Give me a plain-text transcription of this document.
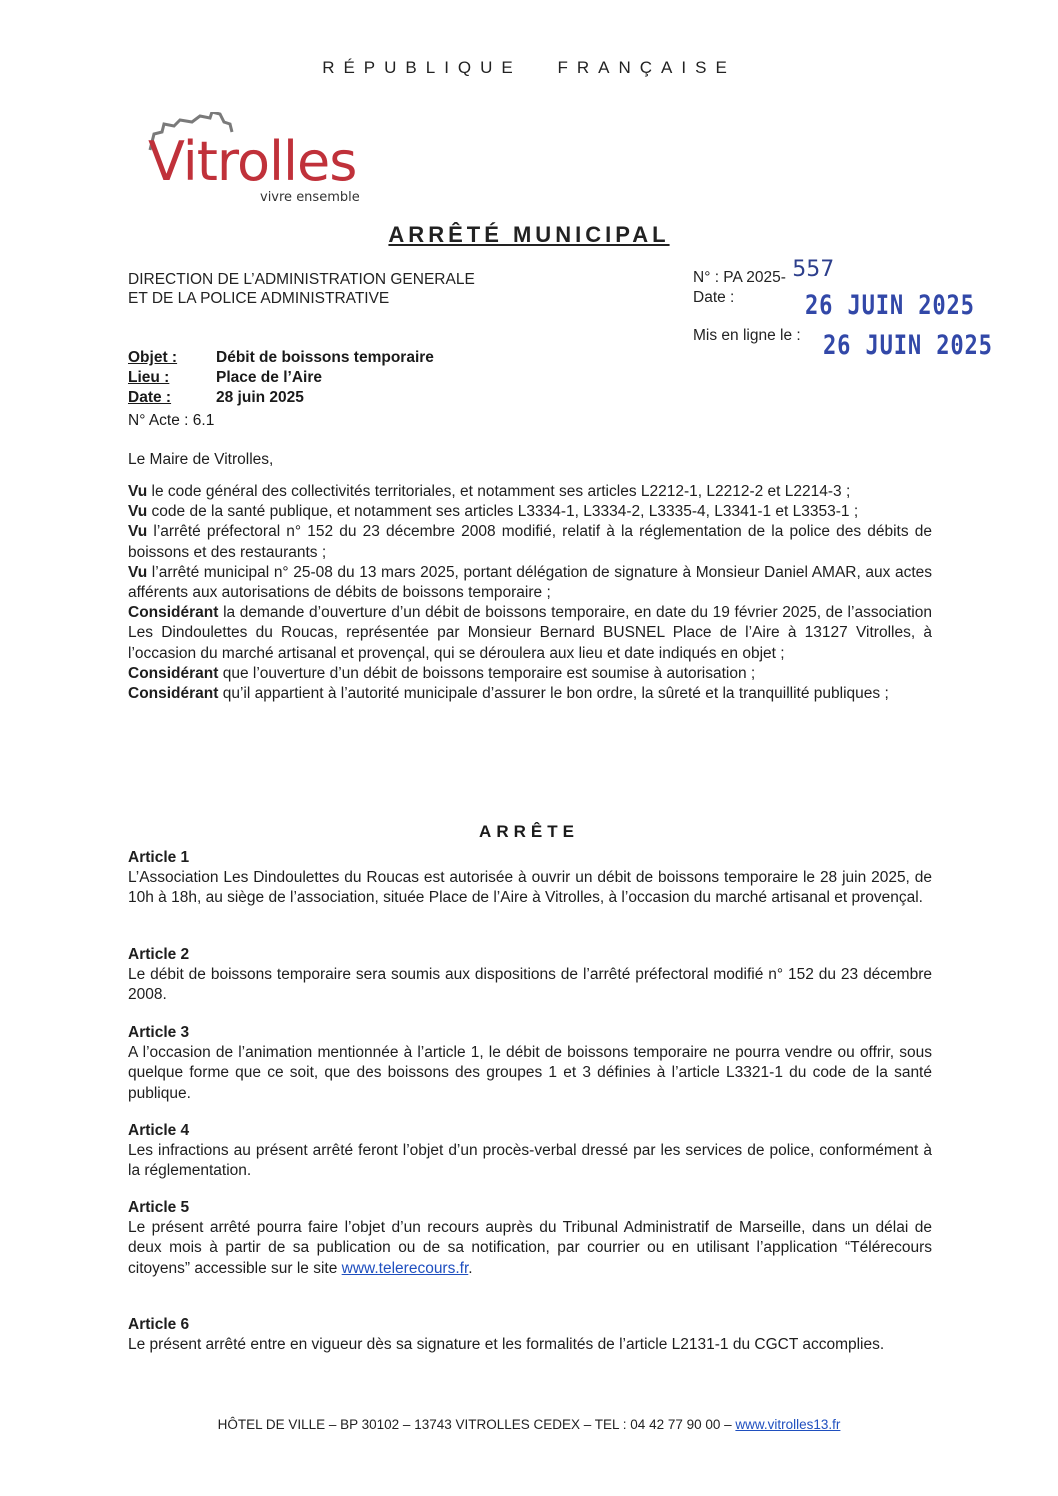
RÉPUBLIQUE FRANÇAISE
Vitrolles
vivre ensemble
ARRÊTÉ MUNICIPAL
DIRECTION DE L’ADMINISTRATION GENERALE
ET DE LA POLICE ADMINISTRATIVE
N° : PA 2025- 557
Date :	26 JUIN 2025
Mis en ligne le : 26 JUIN 2025
Objet :	Débit de boissons temporaire
Lieu :	Place de l’Aire
Date :	28 juin 2025
N° Acte : 6.1
Le Maire de Vitrolles,
Vu le code général des collectivités territoriales, et notamment ses articles L2212-1, L2212-2 et L2214-3 ;
Vu code de la santé publique, et notamment ses articles L3334-1, L3334-2, L3335-4, L3341-1 et L3353-1 ;
Vu l’arrêté préfectoral n° 152 du 23 décembre 2008 modifié, relatif à la réglementation de la police des débits de boissons et des restaurants ;
Vu l’arrêté municipal n° 25-08 du 13 mars 2025, portant délégation de signature à Monsieur Daniel AMAR, aux actes afférents aux autorisations de débits de boissons temporaire ;
Considérant la demande d’ouverture d’un débit de boissons temporaire, en date du 19 février 2025, de l’association Les Dindoulettes du Roucas, représentée par Monsieur Bernard BUSNEL Place de l’Aire à 13127 Vitrolles, à l’occasion du marché artisanal et provençal, qui se déroulera aux lieu et date indiqués en objet ;
Considérant que l’ouverture d’un débit de boissons temporaire est soumise à autorisation ;
Considérant qu’il appartient à l’autorité municipale d’assurer le bon ordre, la sûreté et la tranquillité publiques ;
ARRÊTE
Article 1
L’Association Les Dindoulettes du Roucas est autorisée à ouvrir un débit de boissons temporaire le 28 juin 2025, de 10h à 18h, au siège de l’association, située Place de l’Aire à Vitrolles, à l’occasion du marché artisanal et provençal.
Article 2
Le débit de boissons temporaire sera soumis aux dispositions de l’arrêté préfectoral modifié n° 152 du 23 décembre 2008.
Article 3
A l’occasion de l’animation mentionnée à l’article 1, le débit de boissons temporaire ne pourra vendre ou offrir, sous quelque forme que ce soit, que des boissons des groupes 1 et 3 définies à l’article L3321-1 du code de la santé publique.
Article 4
Les infractions au présent arrêté feront l’objet d’un procès-verbal dressé par les services de police, conformément à la réglementation.
Article 5
Le présent arrêté pourra faire l’objet d’un recours auprès du Tribunal Administratif de Marseille, dans un délai de deux mois à partir de sa publication ou de sa notification, par courrier ou en utilisant l’application “Télérecours citoyens” accessible sur le site www.telerecours.fr.
Article 6
Le présent arrêté entre en vigueur dès sa signature et les formalités de l’article L2131-1 du CGCT accomplies.
HÔTEL DE VILLE – BP 30102 – 13743 VITROLLES CEDEX – TEL : 04 42 77 90 00 – www.vitrolles13.fr
